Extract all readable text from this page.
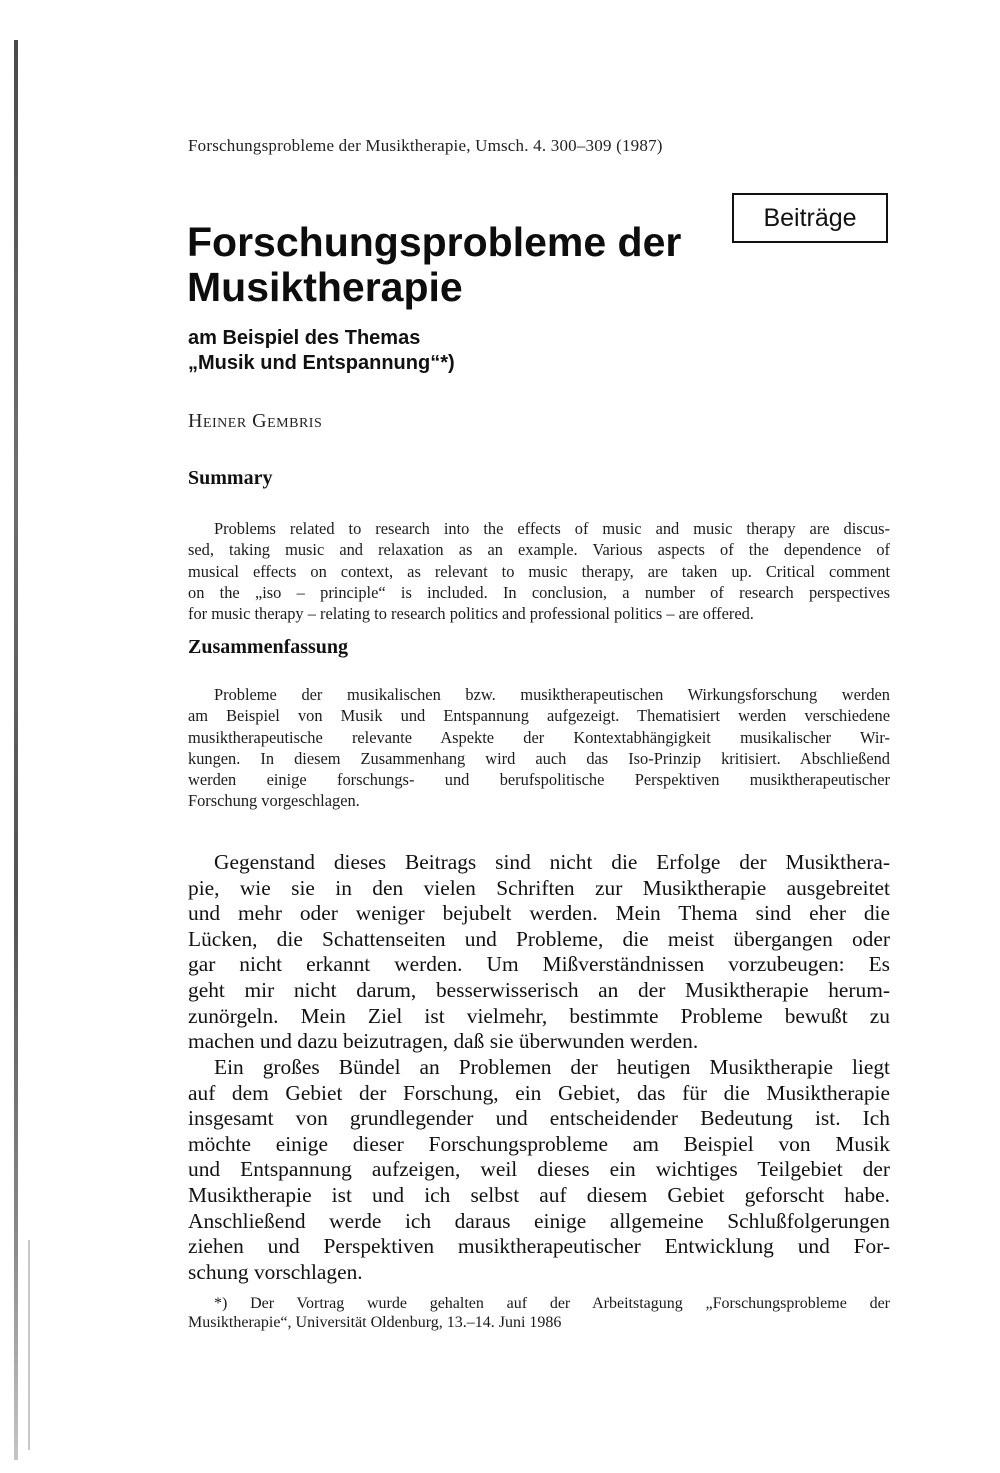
Forschungsprobleme der Musiktherapie, Umsch. 4. 300–309 (1987)
Beiträge
Forschungsprobleme der
Musiktherapie
am Beispiel des Themas
„Musik und Entspannung“*)
Heiner Gembris
Summary
Problems related to research into the effects of music and music therapy are discus-
sed, taking music and relaxation as an example. Various aspects of the dependence of
musical effects on context, as relevant to music therapy, are taken up. Critical comment
on the „iso – principle“ is included. In conclusion, a number of research perspectives
for music therapy – relating to research politics and professional politics – are offered.
Zusammenfassung
Probleme der musikalischen bzw. musiktherapeutischen Wirkungsforschung werden
am Beispiel von Musik und Entspannung aufgezeigt. Thematisiert werden verschiedene
musiktherapeutische relevante Aspekte der Kontextabhängigkeit musikalischer Wir-
kungen. In diesem Zusammenhang wird auch das Iso-Prinzip kritisiert. Abschließend
werden einige forschungs- und berufspolitische Perspektiven musiktherapeutischer
Forschung vorgeschlagen.
Gegenstand dieses Beitrags sind nicht die Erfolge der Musikthera-
pie, wie sie in den vielen Schriften zur Musiktherapie ausgebreitet
und mehr oder weniger bejubelt werden. Mein Thema sind eher die
Lücken, die Schattenseiten und Probleme, die meist übergangen oder
gar nicht erkannt werden. Um Mißverständnissen vorzubeugen: Es
geht mir nicht darum, besserwisserisch an der Musiktherapie herum-
zunörgeln. Mein Ziel ist vielmehr, bestimmte Probleme bewußt zu
machen und dazu beizutragen, daß sie überwunden werden.
Ein großes Bündel an Problemen der heutigen Musiktherapie liegt
auf dem Gebiet der Forschung, ein Gebiet, das für die Musiktherapie
insgesamt von grundlegender und entscheidender Bedeutung ist. Ich
möchte einige dieser Forschungsprobleme am Beispiel von Musik
und Entspannung aufzeigen, weil dieses ein wichtiges Teilgebiet der
Musiktherapie ist und ich selbst auf diesem Gebiet geforscht habe.
Anschließend werde ich daraus einige allgemeine Schlußfolgerungen
ziehen und Perspektiven musiktherapeutischer Entwicklung und For-
schung vorschlagen.
*) Der Vortrag wurde gehalten auf der Arbeitstagung „Forschungsprobleme der
Musiktherapie“, Universität Oldenburg, 13.–14. Juni 1986
